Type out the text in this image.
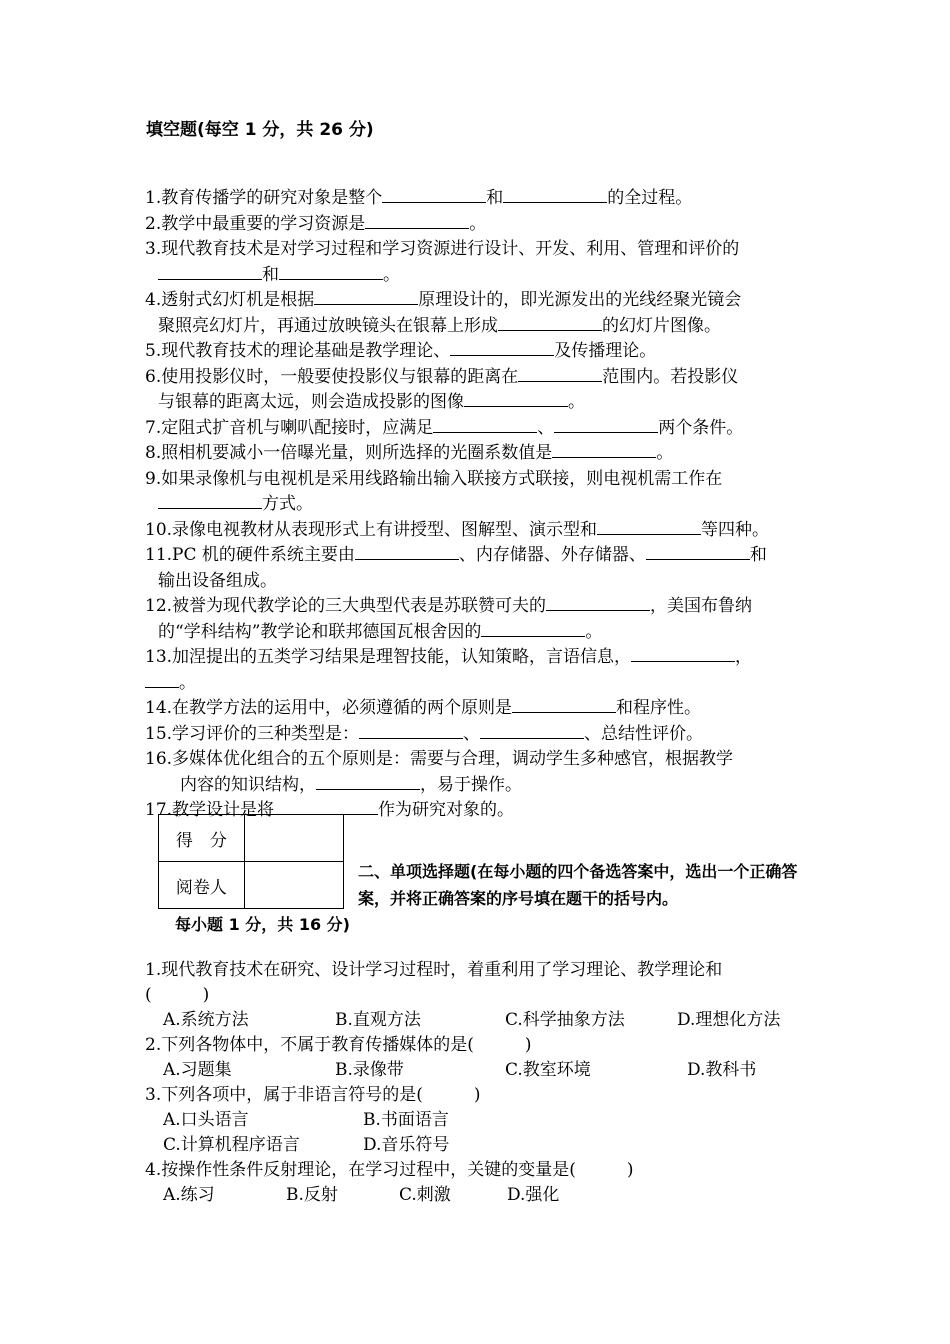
填空题(每空 1 分，共 26 分)

1.教育传播学的研究对象是整个	和	的全过程。

2.教学中最重要的学习资源是	。

3.现代教育技术是对学习过程和学习资源进行设计、开发、利用、管理和评价的
和	。

4.透射式幻灯机是根据	原理设计的，即光源发出的光线经聚光镜会
聚照亮幻灯片，再通过放映镜头在银幕上形成	的幻灯片图像。

5.现代教育技术的理论基础是教学理论、	及传播理论。

6.使用投影仪时，一般要使投影仪与银幕的距离在	范围内。若投影仪
与银幕的距离太远，则会造成投影的图像	。

7.定阻式扩音机与喇叭配接时，应满足	、	两个条件。

8.照相机要减小一倍曝光量，则所选择的光圈系数值是	。

9.如果录像机与电视机是采用线路输出输入联接方式联接，则电视机需工作在
方式。

10.录像电视教材从表现形式上有讲授型、图解型、演示型和	等四种。

11.PC 机的硬件系统主要由	、内存储器、外存储器、	和
输出设备组成。

12.被誉为现代教学论的三大典型代表是苏联赞可夫的	，美国布鲁纳
的“学科结构”教学论和联邦德国瓦根舍因的	。

13.加涅提出的五类学习结果是理智技能，认知策略，言语信息，	，
。

14.在教学方法的运用中，必须遵循的两个原则是	和程序性。

15.学习评价的三种类型是：	、	、总结性评价。

16.多媒体优化组合的五个原则是：需要与合理，调动学生多种感官，根据教学
内容的知识结构，	，易于操作。

17.教学设计是将	作为研究对象的。

得　分	
阅卷人	
二、单项选择题(在每小题的四个备选答案中，选出一个正确答案，并将正确答案的序号填在题干的括号内。
每小题 1 分，共 16 分)

1.现代教育技术在研究、设计学习过程时，着重利用了学习理论、教学理论和
(　　　)

A.系统方法	B.直观方法	C.科学抽象方法	D.理想化方法

2.下列各物体中，不属于教育传播媒体的是(　　　)

A.习题集	B.录像带	C.教室环境	D.教科书

3.下列各项中，属于非语言符号的是(　　　)

A.口头语言	B.书面语言
C.计算机程序语言	D.音乐符号

4.按操作性条件反射理论，在学习过程中，关键的变量是(　　　)

A.练习	B.反射	C.刺激	D.强化
